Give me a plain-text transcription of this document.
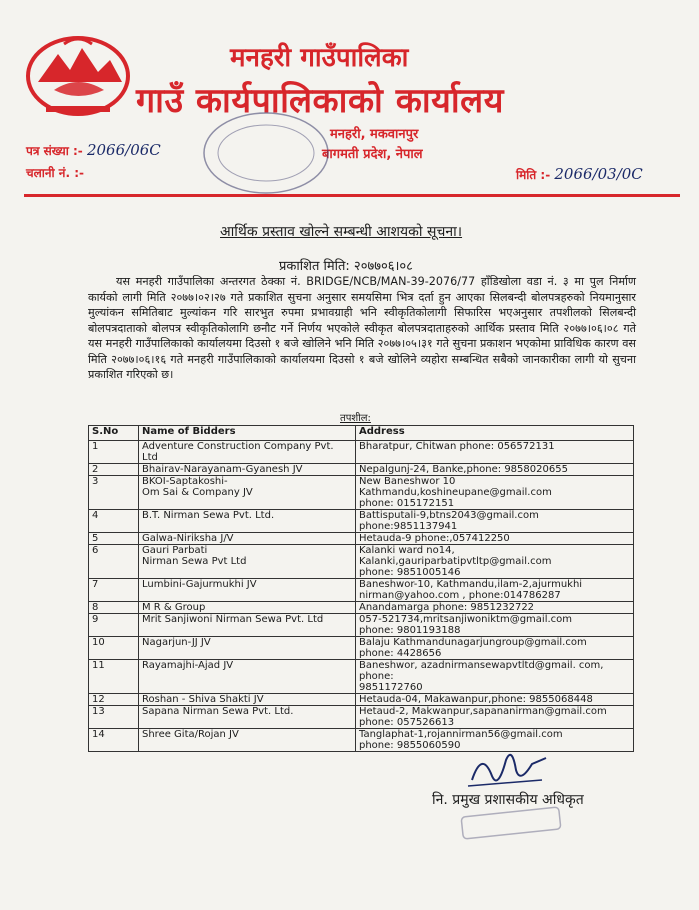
मनहरी गाउँपालिका
गाउँ कार्यपालिकाको कार्यालय
मनहरी, मकवानपुर
बागमती प्रदेश, नेपाल
पत्र संख्या :- 2066/06C
चलानी नं. :-	मिति :- 2066/03/0C
आर्थिक प्रस्ताव खोल्ने सम्बन्धी आशयको सूचना।
प्रकाशित मिति: २०७७०६।०८
यस मनहरी गाउँपालिका अन्तरगत ठेक्का नं. BRIDGE/NCB/MAN-39-2076/77 हाँडिखोला वडा नं. ३ मा पुल निर्माण कार्यको लागी मिति २०७७।०२।२७ गते प्रकाशित सुचना अनुसार समयसिमा भित्र दर्ता हुन आएका सिलबन्दी बोलपत्रहरुको नियमानुसार मुल्यांकन समितिबाट मुल्यांकन गरि सारभुत रुपमा प्रभावग्राही भनि स्वीकृतिकोलागी सिफारिस भएअनुसार तपशीलको सिलबन्दी बोलपत्रदाताको बोलपत्र स्वीकृतिकोलागि छनौट गर्ने निर्णय भएकोले स्वीकृत बोलपत्रदाताहरुको आर्थिक प्रस्ताव मिति २०७७।०६।०८ गते यस मनहरी गाउँपालिकाको कार्यालयमा दिउसो १ बजे खोलिने भनि मिति २०७७।०५।३१ गते सुचना प्रकाशन भएकोमा प्राविधिक कारण वस मिति २०७७।०६।१६ गते मनहरी गाउँपालिकाको कार्यालयमा दिउसो १ बजे खोलिने व्यहोरा सम्बन्धित सबैको जानकारीका लागी यो सुचना प्रकाशित गरिएको छ।
तपशील:
S.No	Name of Bidders	Address
1	Adventure Construction Company Pvt. Ltd	Bharatpur, Chitwan phone: 056572131
2	Bhairav-Narayanam-Gyanesh JV	Nepalgunj-24, Banke,phone: 9858020655
3	BKOI-Saptakoshi-
Om Sai & Company JV	New Baneshwor 10
Kathmandu,koshineupane@gmail.com
phone: 015172151
4	B.T. Nirman Sewa Pvt. Ltd.	Battisputali-9,btns2043@gmail.com phone:9851137941
5	Galwa-Niriksha J/V	Hetauda-9 phone:,057412250
6	Gauri Parbati
Nirman Sewa Pvt Ltd	Kalanki ward no14,
Kalanki,gauriparbatipvtltp@gmail.com
phone: 9851005146
7	Lumbini-Gajurmukhi JV	Baneshwor-10, Kathmandu,ilam-2,ajurmukhi
nirman@yahoo.com , phone:014786287
8	M R & Group	Anandamarga phone: 9851232722
9	Mrit Sanjiwoni Nirman Sewa Pvt. Ltd	057-521734,mritsanjiwoniktm@gmail.com
phone: 9801193188
10	Nagarjun-JJ JV	Balaju Kathmandunagarjungroup@gmail.com
phone: 4428656
11	Rayamajhi-Ajad JV	Baneshwor, azadnirmansewapvtltd@gmail. com, phone:
9851172760
12	Roshan - Shiva Shakti JV	Hetauda-04, Makawanpur,phone: 9855068448
13	Sapana Nirman Sewa Pvt. Ltd.	Hetaud-2, Makwanpur,sapananirman@gmail.com
phone: 057526613
14	Shree Gita/Rojan JV	Tanglaphat-1,rojannirman56@gmail.com
phone: 9855060590
नि. प्रमुख प्रशासकीय अधिकृत
